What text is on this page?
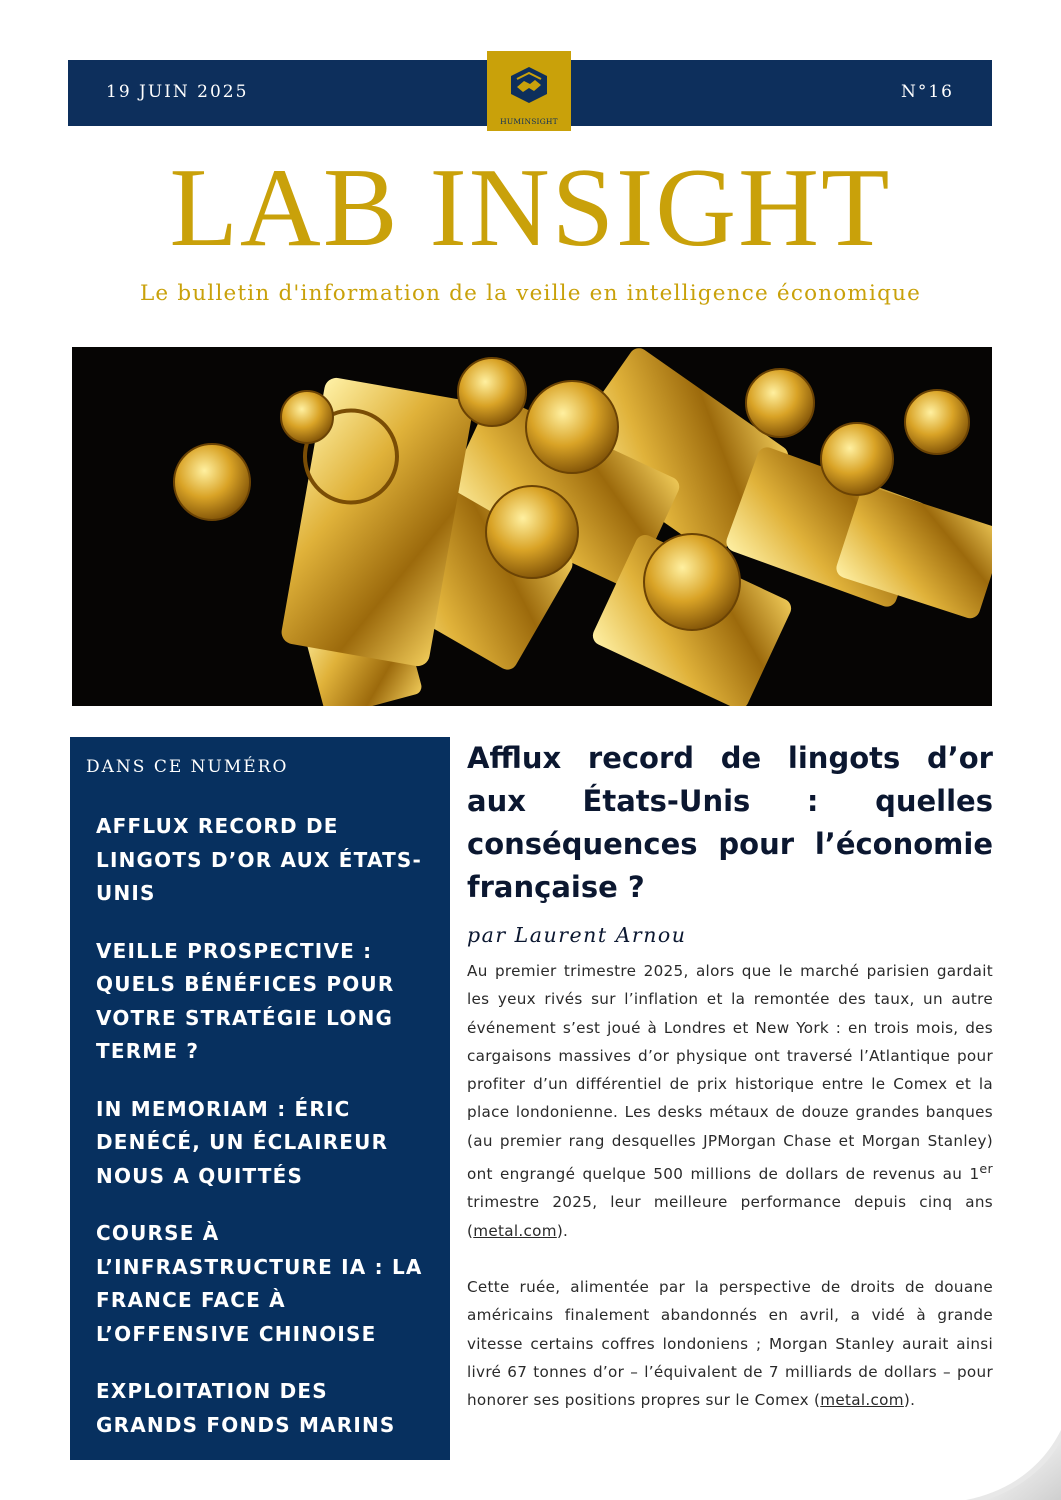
19 JUIN 2025	N°16
HUMINSIGHT
LAB INSIGHT
Le bulletin d'information de la veille en intelligence économique
DANS CE NUMÉRO
AFFLUX RECORD DE LINGOTS D’OR AUX ÉTATS-UNIS
VEILLE PROSPECTIVE : QUELS BÉNÉFICES POUR VOTRE STRATÉGIE LONG TERME ?
IN MEMORIAM : ÉRIC DENÉCÉ, UN ÉCLAIREUR NOUS A QUITTÉS
COURSE À L’INFRASTRUCTURE IA : LA FRANCE FACE À L’OFFENSIVE CHINOISE
EXPLOITATION DES GRANDS FONDS MARINS
Afflux record de lingots d’or aux États-Unis : quelles conséquences pour l’économie française ?
par Laurent Arnou

Au premier trimestre 2025, alors que le marché parisien gardait les yeux rivés sur l’inflation et la remontée des taux, un autre événement s’est joué à Londres et New York : en trois mois, des cargaisons massives d’or physique ont traversé l’Atlantique pour profiter d’un différentiel de prix historique entre le Comex et la place londonienne. Les desks métaux de douze grandes banques (au premier rang desquelles JPMorgan Chase et Morgan Stanley) ont engrangé quelque 500 millions de dollars de revenus au 1er trimestre 2025, leur meilleure performance depuis cinq ans (metal.com).

Cette ruée, alimentée par la perspective de droits de douane américains finalement abandonnés en avril, a vidé à grande vitesse certains coffres londoniens ; Morgan Stanley aurait ainsi livré 67 tonnes d’or – l’équivalent de 7 milliards de dollars – pour honorer ses positions propres sur le Comex (metal.com).
